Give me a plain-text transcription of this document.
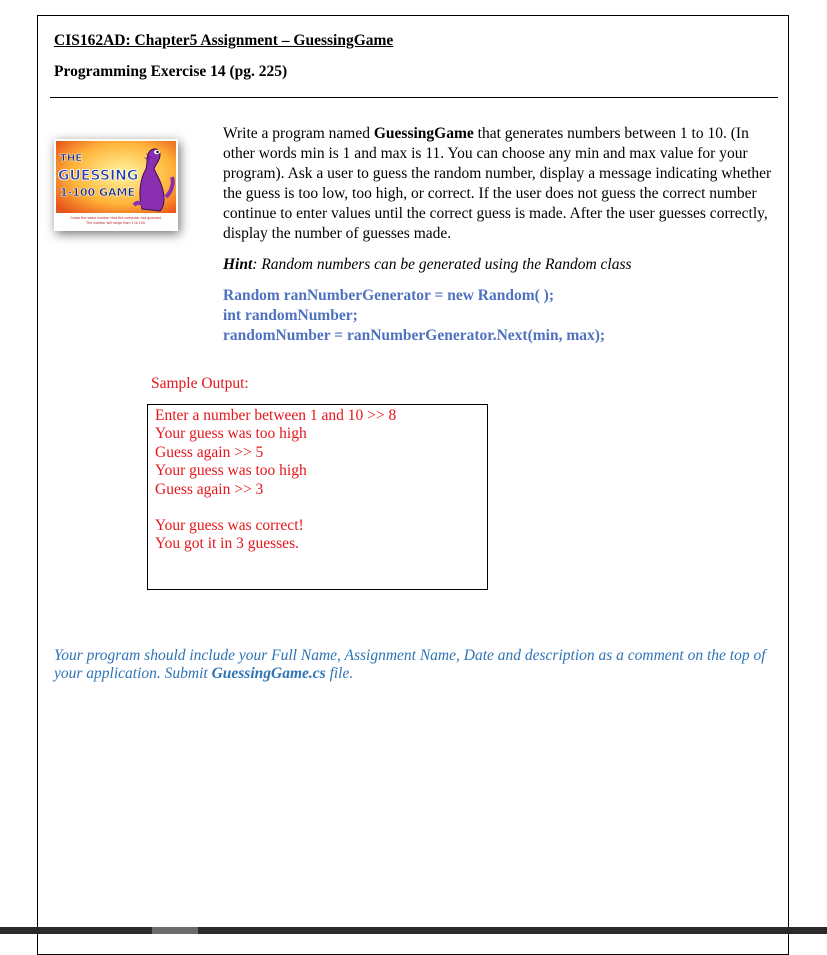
CIS162AD: Chapter5 Assignment – GuessingGame
Programming Exercise 14 (pg. 225)
THE
GUESSING
1-100 GAME
Guess the same number that the computer has guessed.
The number will range from 1 to 100.
Write a program named GuessingGame that generates numbers between 1 to 10. (In other words min is 1 and max is 11. You can choose any min and max value for your program). Ask a user to guess the random number, display a message indicating whether the guess is too low, too high, or correct. If the user does not guess the correct number continue to enter values until the correct guess is made. After the user guesses correctly, display the number of guesses made.
Hint: Random numbers can be generated using the Random class
Random ranNumberGenerator = new Random( );
int randomNumber;
randomNumber = ranNumberGenerator.Next(min, max);
Sample Output:
Enter a number between 1 and 10 >> 8
Your guess was too high
Guess again >> 5
Your guess was too high
Guess again >> 3
Your guess was correct!
You got it in 3 guesses.
Your program should include your Full Name, Assignment Name, Date and description as a comment on the top of your application. Submit GuessingGame.cs file.
